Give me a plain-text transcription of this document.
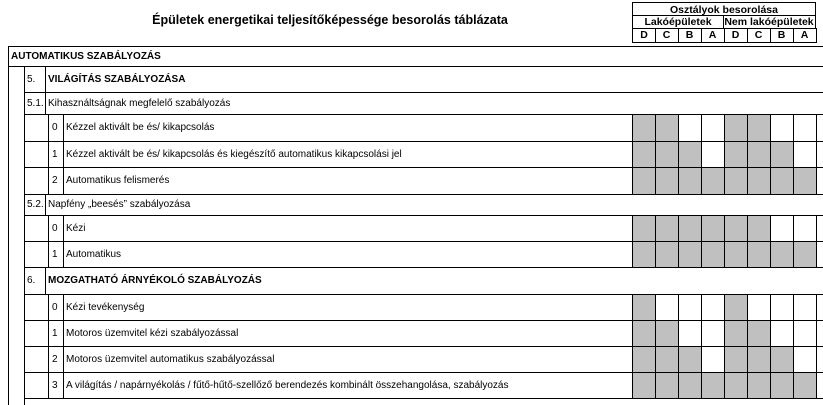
Épületek energetikai teljesítőképessége besorolás táblázata
Osztályok besorolása
Lakóépületek	Nem lakóépületek
D	C	B	A	D	C	B	A
AUTOMATIKUS SZABÁLYOZÁS
5. VILÁGÍTÁS SZABÁLYOZÁSA
5.1. Kihasználtságnak megfelelő szabályozás
0 Kézzel aktivált be és/ kikapcsolás
1 Kézzel aktivált be és/ kikapcsolás és kiegészítő automatikus kikapcsolási jel
2 Automatikus felismerés
5.2. Napfény „beesés” szabályozása
0 Kézi
1 Automatikus
6. MOZGATHATÓ ÁRNYÉKOLÓ SZABÁLYOZÁS
0 Kézi tevékenység
1 Motoros üzemvitel kézi szabályozással
2 Motoros üzemvitel automatikus szabályozással
3 A világítás / napárnyékolás / fűtő-hűtő-szellőző berendezés kombinált összehangolása, szabályozás
